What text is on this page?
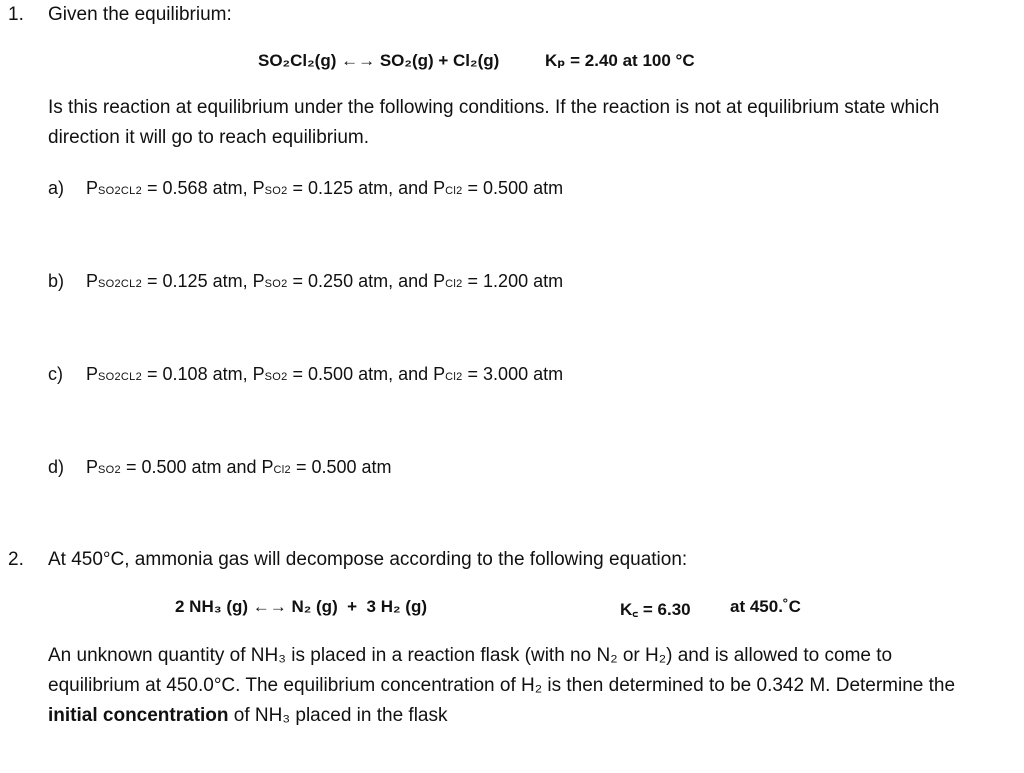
1. Given the equilibrium:
SO₂Cl₂(g) ←→ SO₂(g) + Cl₂(g)	Kₚ = 2.40 at 100 °C
Is this reaction at equilibrium under the following conditions. If the reaction is not at equilibrium state which direction it will go to reach equilibrium.
a) PSO2CL2 = 0.568 atm, PSO2 = 0.125 atm, and PCl2 = 0.500 atm
b) PSO2CL2 = 0.125 atm, PSO2 = 0.250 atm, and PCl2 = 1.200 atm
c) PSO2CL2 = 0.108 atm, PSO2 = 0.500 atm, and PCl2 = 3.000 atm
d) PSO2 = 0.500 atm and PCl2 = 0.500 atm
2. At 450°C, ammonia gas will decompose according to the following equation:
2 NH₃ (g) ←→ N₂ (g)  +  3 H₂ (g)	K꜀ = 6.30 at 450.˚C
An unknown quantity of NH₃ is placed in a reaction flask (with no N₂ or H₂) and is allowed to come to equilibrium at 450.0°C. The equilibrium concentration of H₂ is then determined to be 0.342 M. Determine the initial concentration of NH₃ placed in the flask
